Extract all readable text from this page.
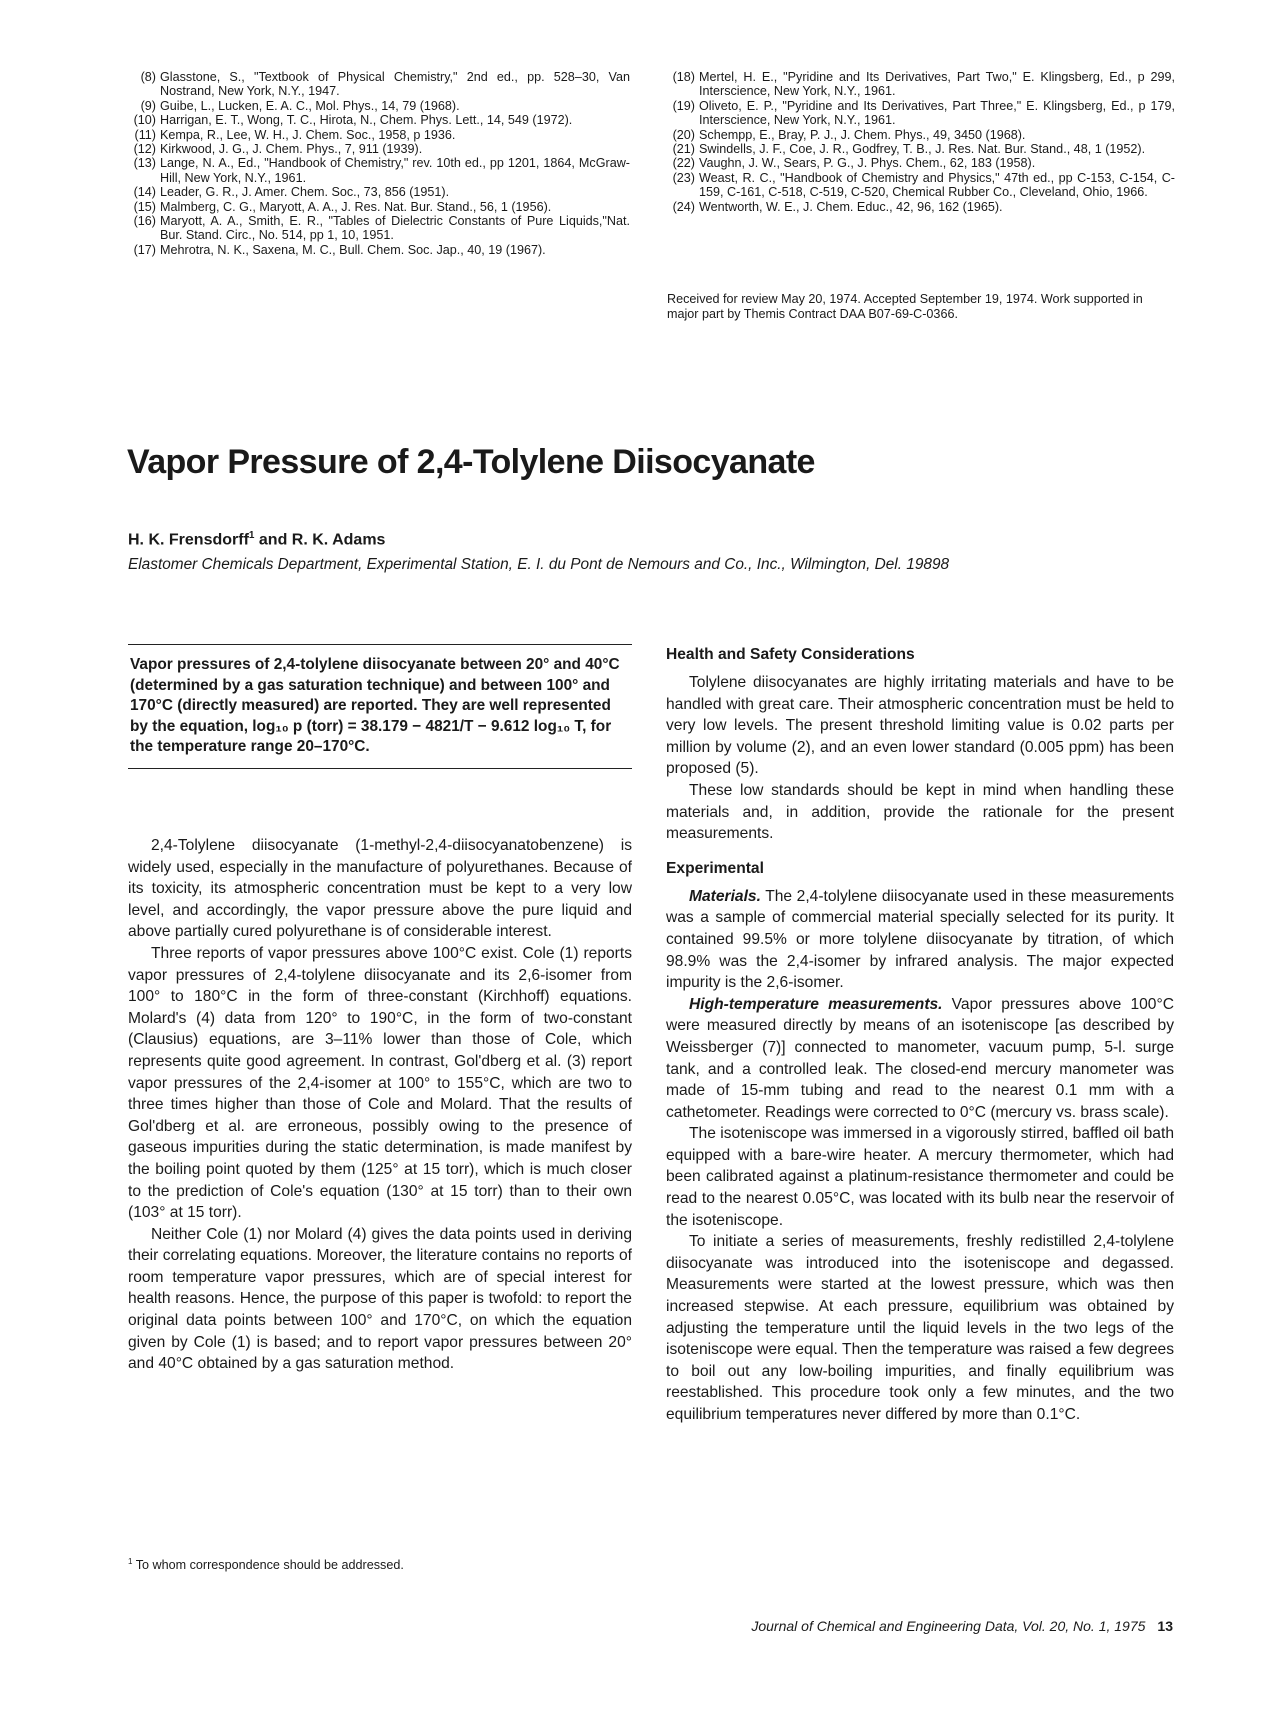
(8) Glasstone, S., "Textbook of Physical Chemistry," 2nd ed., pp. 528–30, Van Nostrand, New York, N.Y., 1947.

(9) Guibe, L., Lucken, E. A. C., Mol. Phys., 14, 79 (1968).

(10) Harrigan, E. T., Wong, T. C., Hirota, N., Chem. Phys. Lett., 14, 549 (1972).

(11) Kempa, R., Lee, W. H., J. Chem. Soc., 1958, p 1936.

(12) Kirkwood, J. G., J. Chem. Phys., 7, 911 (1939).

(13) Lange, N. A., Ed., "Handbook of Chemistry," rev. 10th ed., pp 1201, 1864, McGraw-Hill, New York, N.Y., 1961.

(14) Leader, G. R., J. Amer. Chem. Soc., 73, 856 (1951).

(15) Malmberg, C. G., Maryott, A. A., J. Res. Nat. Bur. Stand., 56, 1 (1956).

(16) Maryott, A. A., Smith, E. R., "Tables of Dielectric Constants of Pure Liquids,"Nat. Bur. Stand. Circ., No. 514, pp 1, 10, 1951.

(17) Mehrotra, N. K., Saxena, M. C., Bull. Chem. Soc. Jap., 40, 19 (1967).

(18) Mertel, H. E., "Pyridine and Its Derivatives, Part Two," E. Klingsberg, Ed., p 299, Interscience, New York, N.Y., 1961.

(19) Oliveto, E. P., "Pyridine and Its Derivatives, Part Three," E. Klingsberg, Ed., p 179, Interscience, New York, N.Y., 1961.

(20) Schempp, E., Bray, P. J., J. Chem. Phys., 49, 3450 (1968).

(21) Swindells, J. F., Coe, J. R., Godfrey, T. B., J. Res. Nat. Bur. Stand., 48, 1 (1952).

(22) Vaughn, J. W., Sears, P. G., J. Phys. Chem., 62, 183 (1958).

(23) Weast, R. C., "Handbook of Chemistry and Physics," 47th ed., pp C-153, C-154, C-159, C-161, C-518, C-519, C-520, Chemical Rubber Co., Cleveland, Ohio, 1966.

(24) Wentworth, W. E., J. Chem. Educ., 42, 96, 162 (1965).

Received for review May 20, 1974. Accepted September 19, 1974. Work supported in major part by Themis Contract DAA B07-69-C-0366.
Vapor Pressure of 2,4-Tolylene Diisocyanate
H. K. Frensdorff$^1$ and R. K. Adams
Elastomer Chemicals Department, Experimental Station, E. I. du Pont de Nemours and Co., Inc., Wilmington, Del. 19898

Vapor pressures of 2,4-tolylene diisocyanate between 20° and 40°C (determined by a gas saturation technique) and between 100° and 170°C (directly measured) are reported. They are well represented by the equation, log₁₀ p (torr) = 38.179 − 4821/T − 9.612 log₁₀ T, for the temperature range 20–170°C.

2,4-Tolylene diisocyanate (1-methyl-2,4-diisocyanatobenzene) is widely used, especially in the manufacture of polyurethanes. Because of its toxicity, its atmospheric concentration must be kept to a very low level, and accordingly, the vapor pressure above the pure liquid and above partially cured polyurethane is of considerable interest.

Three reports of vapor pressures above 100°C exist. Cole (1) reports vapor pressures of 2,4-tolylene diisocyanate and its 2,6-isomer from 100° to 180°C in the form of three-constant (Kirchhoff) equations. Molard's (4) data from 120° to 190°C, in the form of two-constant (Clausius) equations, are 3–11% lower than those of Cole, which represents quite good agreement. In contrast, Gol'dberg et al. (3) report vapor pressures of the 2,4-isomer at 100° to 155°C, which are two to three times higher than those of Cole and Molard. That the results of Gol'dberg et al. are erroneous, possibly owing to the presence of gaseous impurities during the static determination, is made manifest by the boiling point quoted by them (125° at 15 torr), which is much closer to the prediction of Cole's equation (130° at 15 torr) than to their own (103° at 15 torr).

Neither Cole (1) nor Molard (4) gives the data points used in deriving their correlating equations. Moreover, the literature contains no reports of room temperature vapor pressures, which are of special interest for health reasons. Hence, the purpose of this paper is twofold: to report the original data points between 100° and 170°C, on which the equation given by Cole (1) is based; and to report vapor pressures between 20° and 40°C obtained by a gas saturation method.

$^1$ To whom correspondence should be addressed.
Health and Safety Considerations

Tolylene diisocyanates are highly irritating materials and have to be handled with great care. Their atmospheric concentration must be held to very low levels. The present threshold limiting value is 0.02 parts per million by volume (2), and an even lower standard (0.005 ppm) has been proposed (5).

These low standards should be kept in mind when handling these materials and, in addition, provide the rationale for the present measurements.

Experimental

Materials. The 2,4-tolylene diisocyanate used in these measurements was a sample of commercial material specially selected for its purity. It contained 99.5% or more tolylene diisocyanate by titration, of which 98.9% was the 2,4-isomer by infrared analysis. The major expected impurity is the 2,6-isomer.

High-temperature measurements. Vapor pressures above 100°C were measured directly by means of an isoteniscope [as described by Weissberger (7)] connected to manometer, vacuum pump, 5-l. surge tank, and a controlled leak. The closed-end mercury manometer was made of 15-mm tubing and read to the nearest 0.1 mm with a cathetometer. Readings were corrected to 0°C (mercury vs. brass scale).

The isoteniscope was immersed in a vigorously stirred, baffled oil bath equipped with a bare-wire heater. A mercury thermometer, which had been calibrated against a platinum-resistance thermometer and could be read to the nearest 0.05°C, was located with its bulb near the reservoir of the isoteniscope.

To initiate a series of measurements, freshly redistilled 2,4-tolylene diisocyanate was introduced into the isoteniscope and degassed. Measurements were started at the lowest pressure, which was then increased stepwise. At each pressure, equilibrium was obtained by adjusting the temperature until the liquid levels in the two legs of the isoteniscope were equal. Then the temperature was raised a few degrees to boil out any low-boiling impurities, and finally equilibrium was reestablished. This procedure took only a few minutes, and the two equilibrium temperatures never differed by more than 0.1°C.

Journal of Chemical and Engineering Data, Vol. 20, No. 1, 1975 13
